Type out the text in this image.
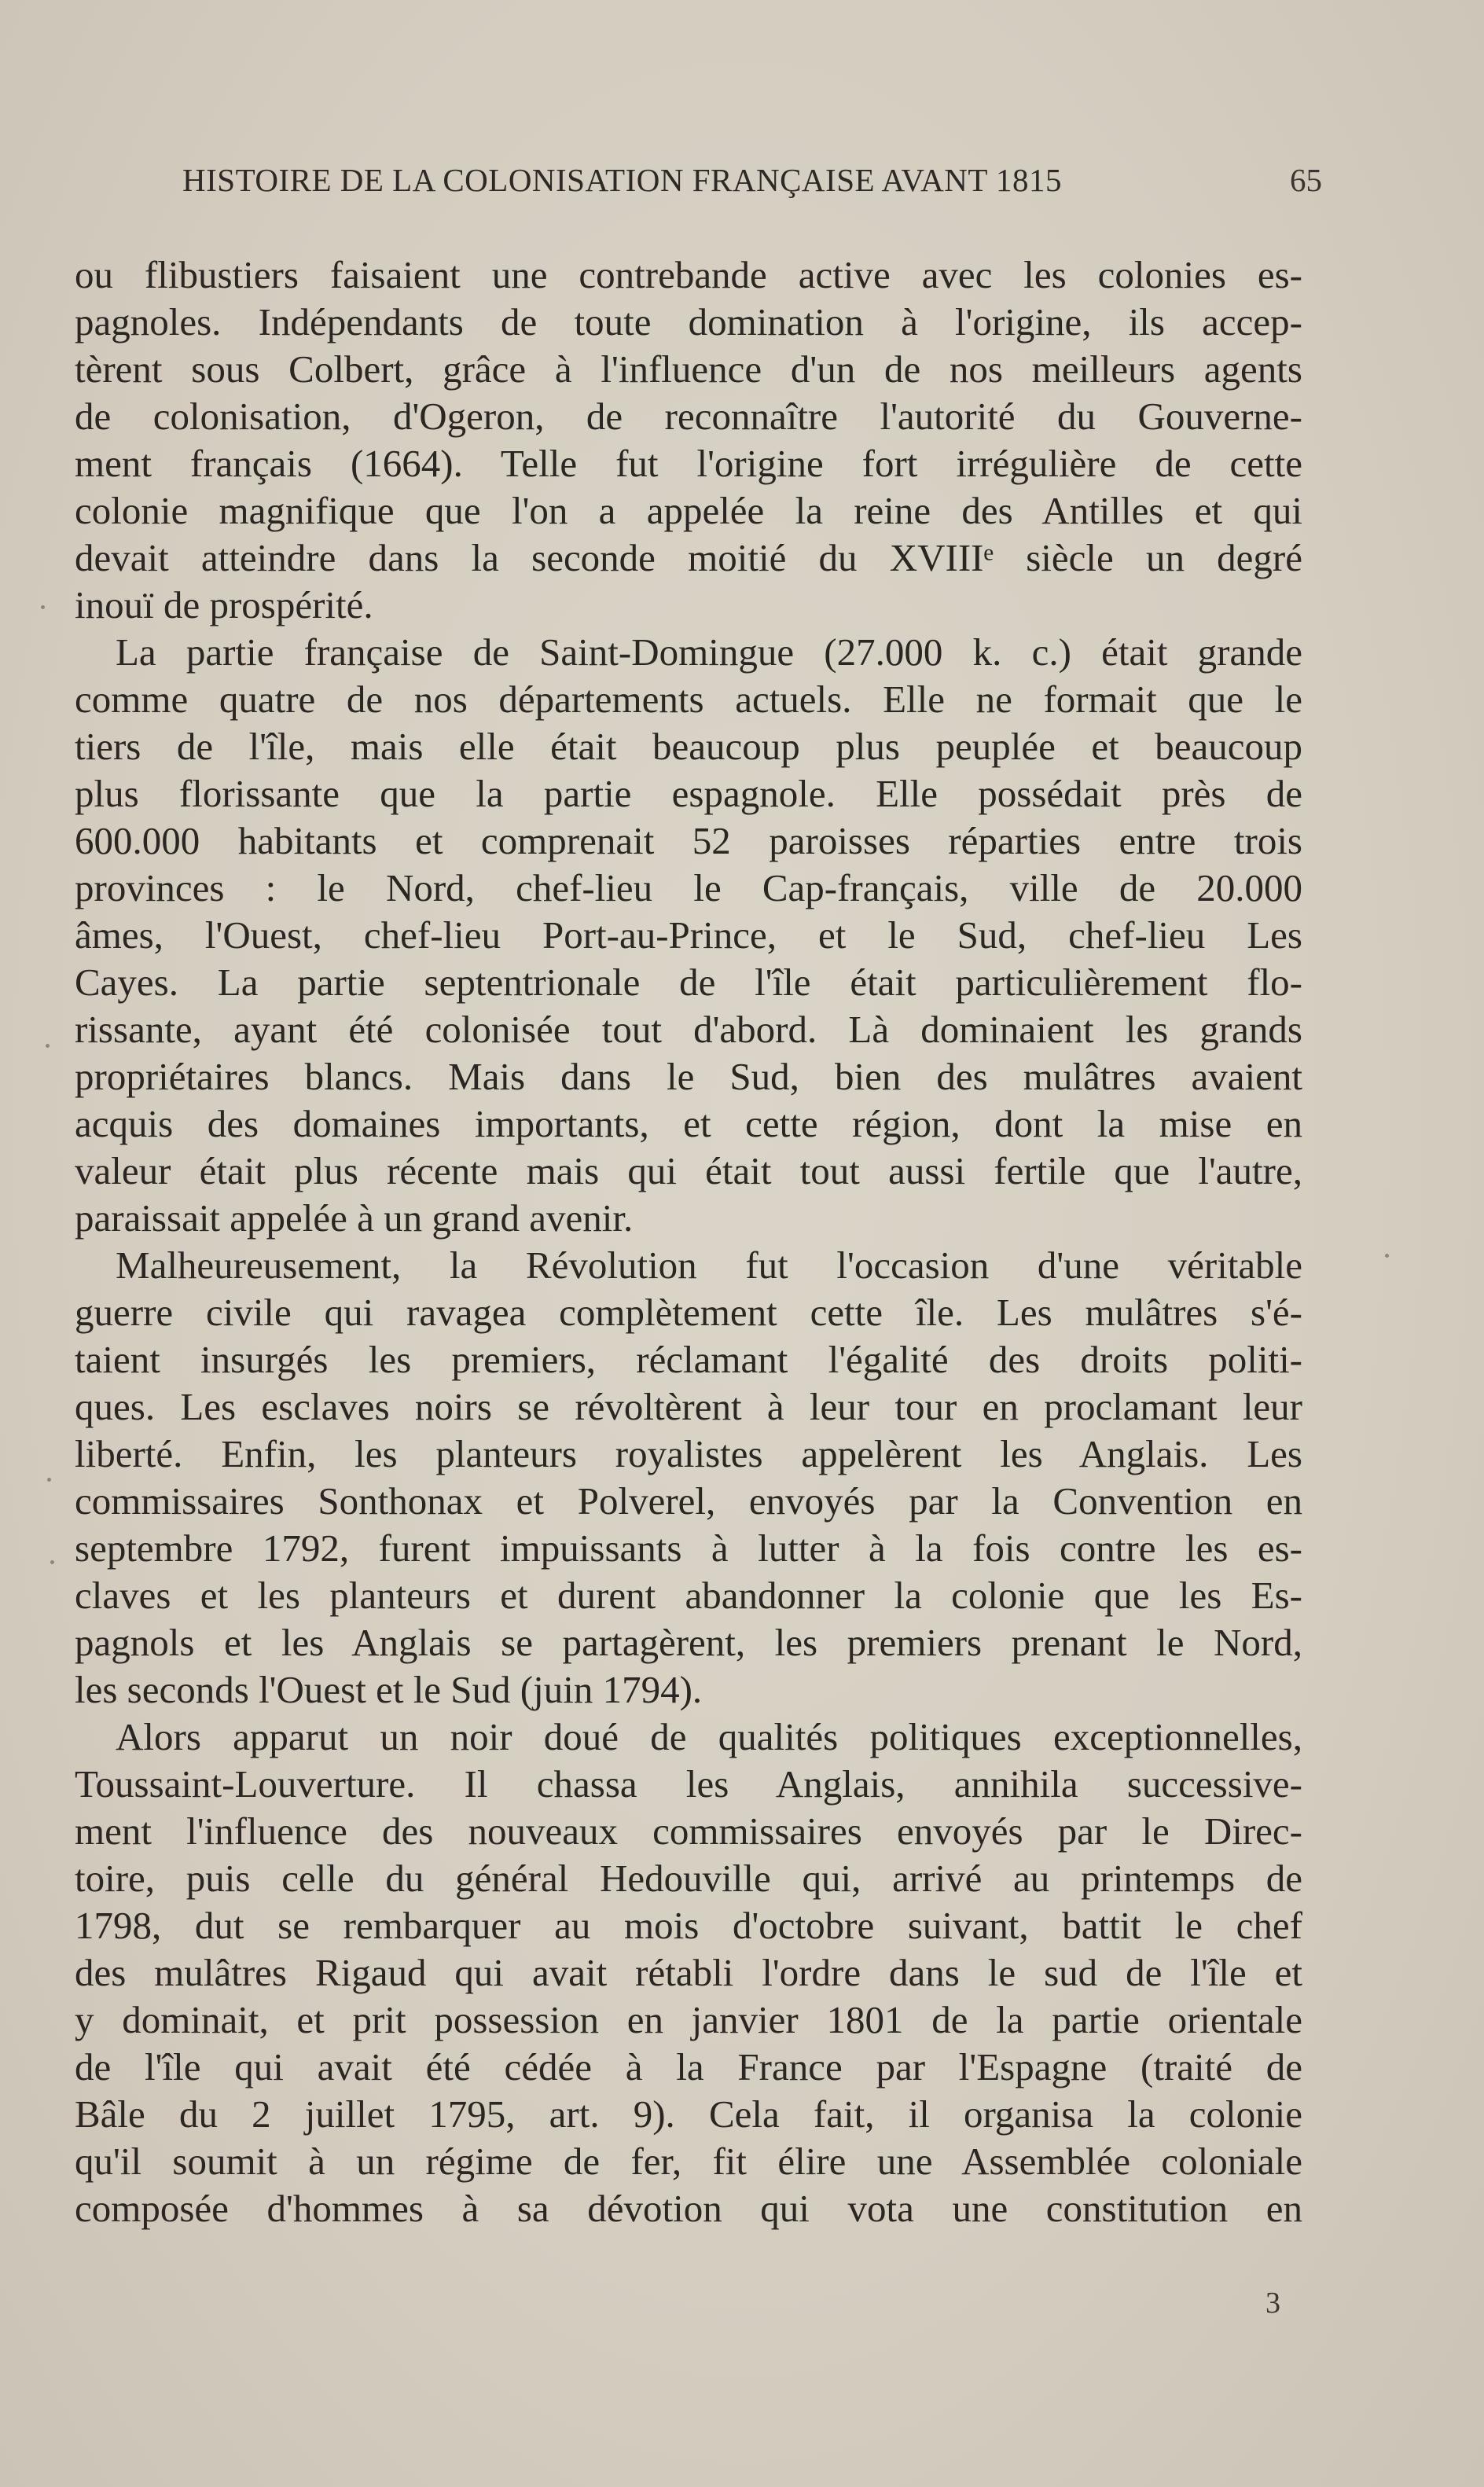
HISTOIRE DE LA COLONISATION FRANÇAISE AVANT 1815	65
ou flibustiers faisaient une contrebande active avec les colonies es-
pagnoles. Indépendants de toute domination à l'origine, ils accep-
tèrent sous Colbert, grâce à l'influence d'un de nos meilleurs agents
de colonisation, d'Ogeron, de reconnaître l'autorité du Gouverne-
ment français (1664). Telle fut l'origine fort irrégulière de cette
colonie magnifique que l'on a appelée la reine des Antilles et qui
devait atteindre dans la seconde moitié du XVIIIᵉ siècle un degré
inouï de prospérité.
La partie française de Saint-Domingue (27.000 k. c.) était grande
comme quatre de nos départements actuels. Elle ne formait que le
tiers de l'île, mais elle était beaucoup plus peuplée et beaucoup
plus florissante que la partie espagnole. Elle possédait près de
600.000 habitants et comprenait 52 paroisses réparties entre trois
provinces : le Nord, chef-lieu le Cap-français, ville de 20.000
âmes, l'Ouest, chef-lieu Port-au-Prince, et le Sud, chef-lieu Les
Cayes. La partie septentrionale de l'île était particulièrement flo-
rissante, ayant été colonisée tout d'abord. Là dominaient les grands
propriétaires blancs. Mais dans le Sud, bien des mulâtres avaient
acquis des domaines importants, et cette région, dont la mise en
valeur était plus récente mais qui était tout aussi fertile que l'autre,
paraissait appelée à un grand avenir.
Malheureusement, la Révolution fut l'occasion d'une véritable
guerre civile qui ravagea complètement cette île. Les mulâtres s'é-
taient insurgés les premiers, réclamant l'égalité des droits politi-
ques. Les esclaves noirs se révoltèrent à leur tour en proclamant leur
liberté. Enfin, les planteurs royalistes appelèrent les Anglais. Les
commissaires Sonthonax et Polverel, envoyés par la Convention en
septembre 1792, furent impuissants à lutter à la fois contre les es-
claves et les planteurs et durent abandonner la colonie que les Es-
pagnols et les Anglais se partagèrent, les premiers prenant le Nord,
les seconds l'Ouest et le Sud (juin 1794).
Alors apparut un noir doué de qualités politiques exceptionnelles,
Toussaint-Louverture. Il chassa les Anglais, annihila successive-
ment l'influence des nouveaux commissaires envoyés par le Direc-
toire, puis celle du général Hedouville qui, arrivé au printemps de
1798, dut se rembarquer au mois d'octobre suivant, battit le chef
des mulâtres Rigaud qui avait rétabli l'ordre dans le sud de l'île et
y dominait, et prit possession en janvier 1801 de la partie orientale
de l'île qui avait été cédée à la France par l'Espagne (traité de
Bâle du 2 juillet 1795, art. 9). Cela fait, il organisa la colonie
qu'il soumit à un régime de fer, fit élire une Assemblée coloniale
composée d'hommes à sa dévotion qui vota une constitution en
3
